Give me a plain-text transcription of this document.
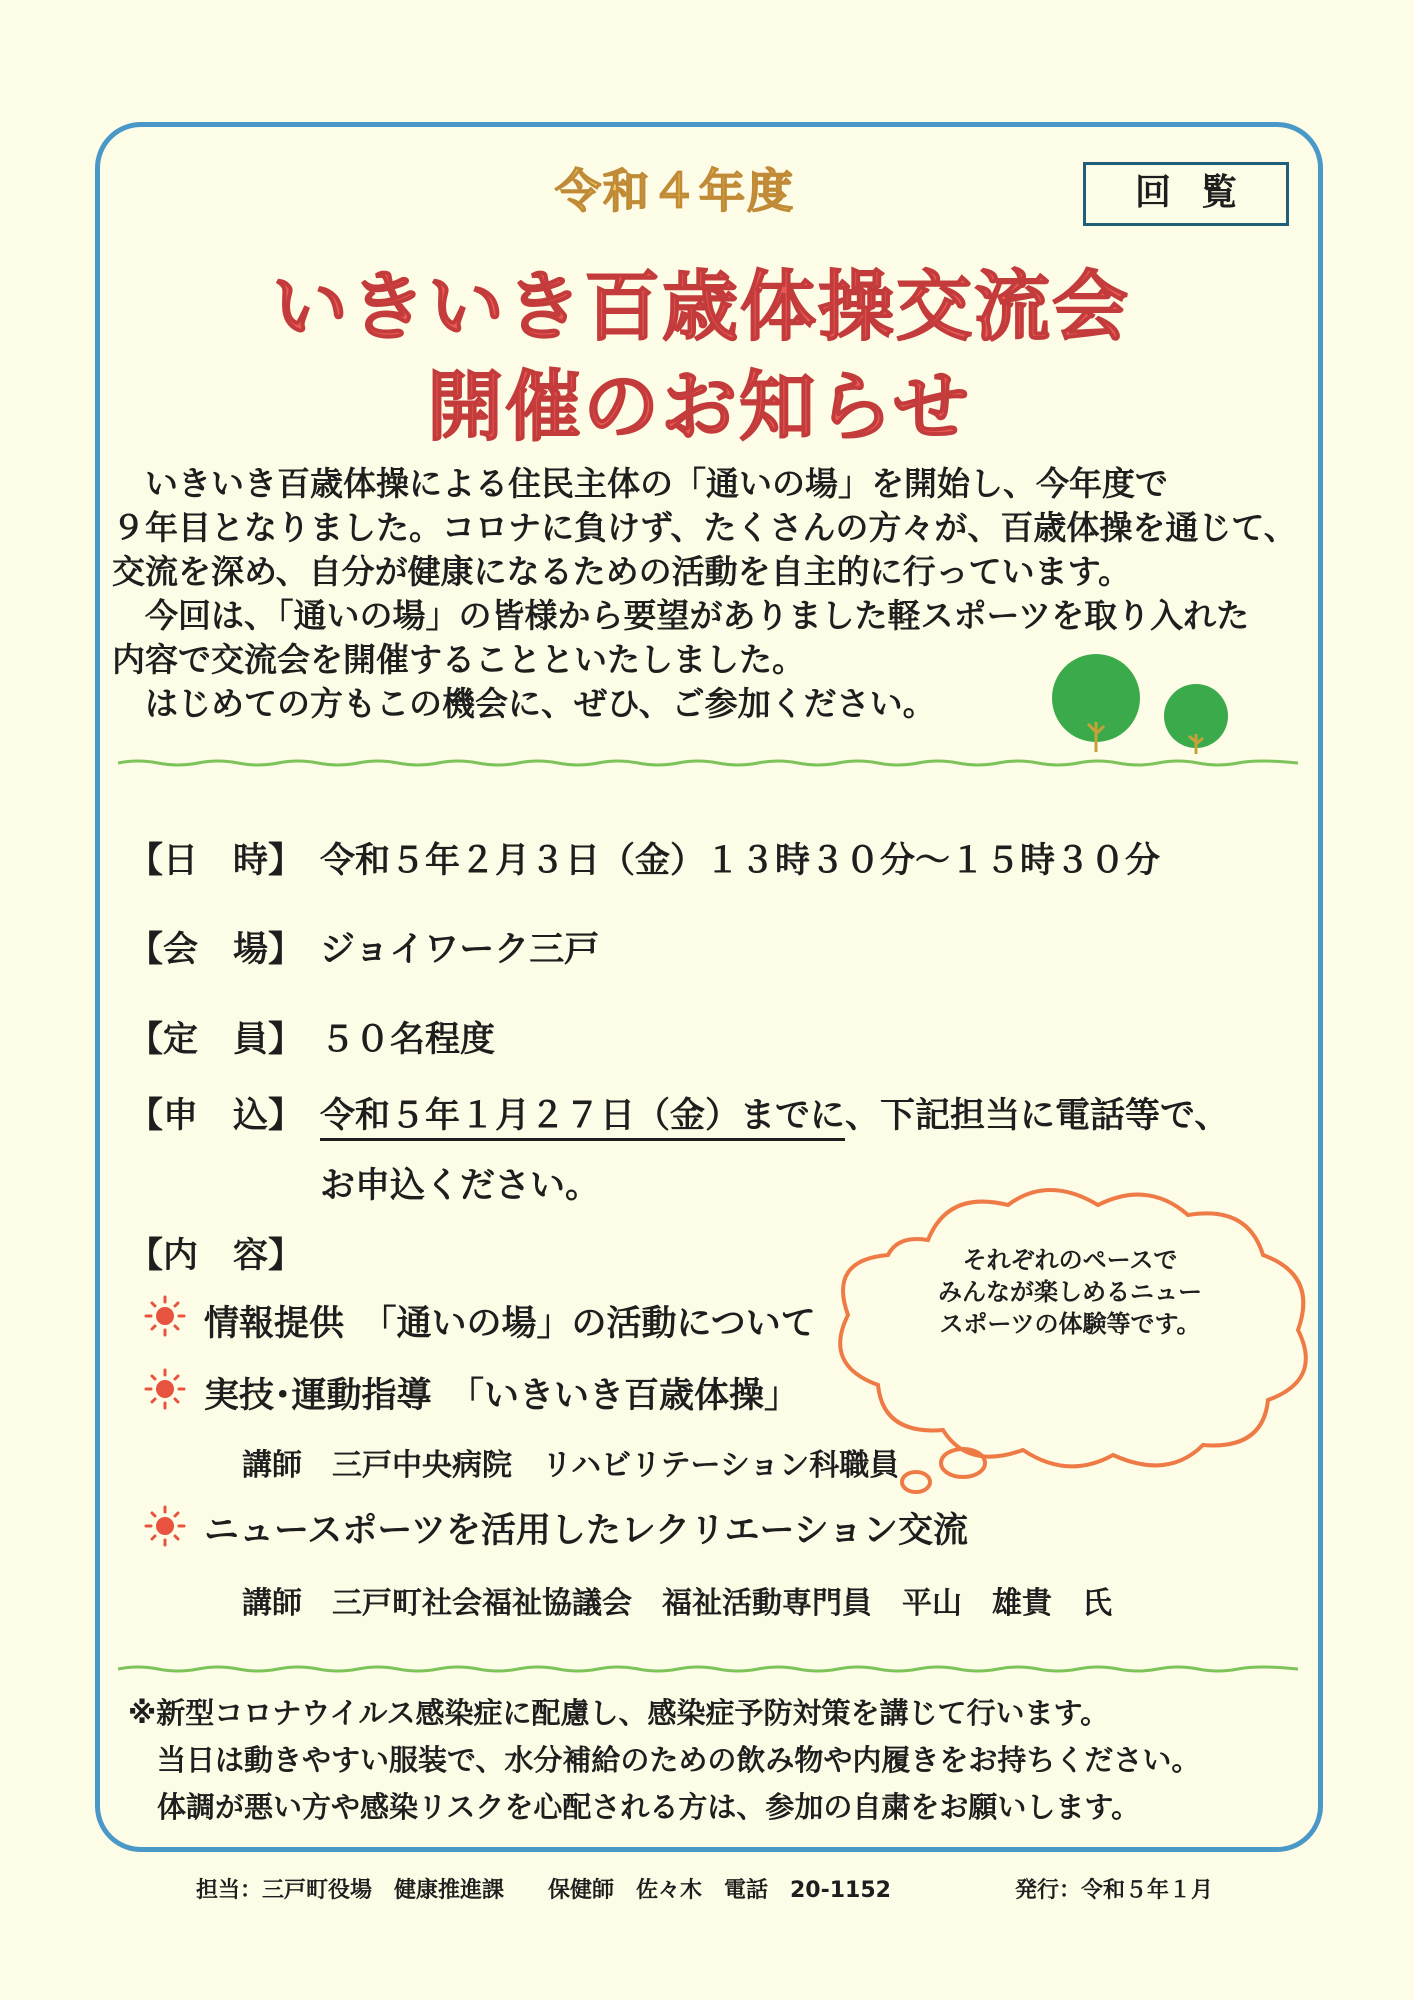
令和４年度	回覧
いきいき百歳体操交流会
開催のお知らせ

　いきいき百歳体操による住民主体の「通いの場」を開始し、今年度で

９年目となりました。コロナに負けず、たくさんの方々が、百歳体操を通じて、

交流を深め、自分が健康になるための活動を自主的に行っています。

　今回は、「通いの場」の皆様から要望がありました軽スポーツを取り入れた

内容で交流会を開催することといたしました。

　はじめての方もこの機会に、ぜひ、ご参加ください。

【日　時】 令和５年２月３日（金）１３時３０分～１５時３０分
【会　場】 ジョイワーク三戸
【定　員】 ５０名程度
【申　込】 令和５年１月２７日（金）までに、下記担当に電話等で、
お申込ください。
【内　容】
情報提供　「通いの場」の活動について
実技･運動指導　「いきいき百歳体操」
講師　三戸中央病院　リハビリテーション科職員
ニュースポーツを活用したレクリエーション交流
講師　三戸町社会福祉協議会　福祉活動専門員　平山　雄貴　氏
それぞれのペースで
みんなが楽しめるニュー
スポーツの体験等です。

※新型コロナウイルス感染症に配慮し、感染症予防対策を講じて行います。

　当日は動きやすい服装で、水分補給のための飲み物や内履きをお持ちください。

　体調が悪い方や感染リスクを心配される方は、参加の自粛をお願いします。

担当：三戸町役場　健康推進課　　保健師　佐々木　電話　20-1152	発行：令和５年１月
